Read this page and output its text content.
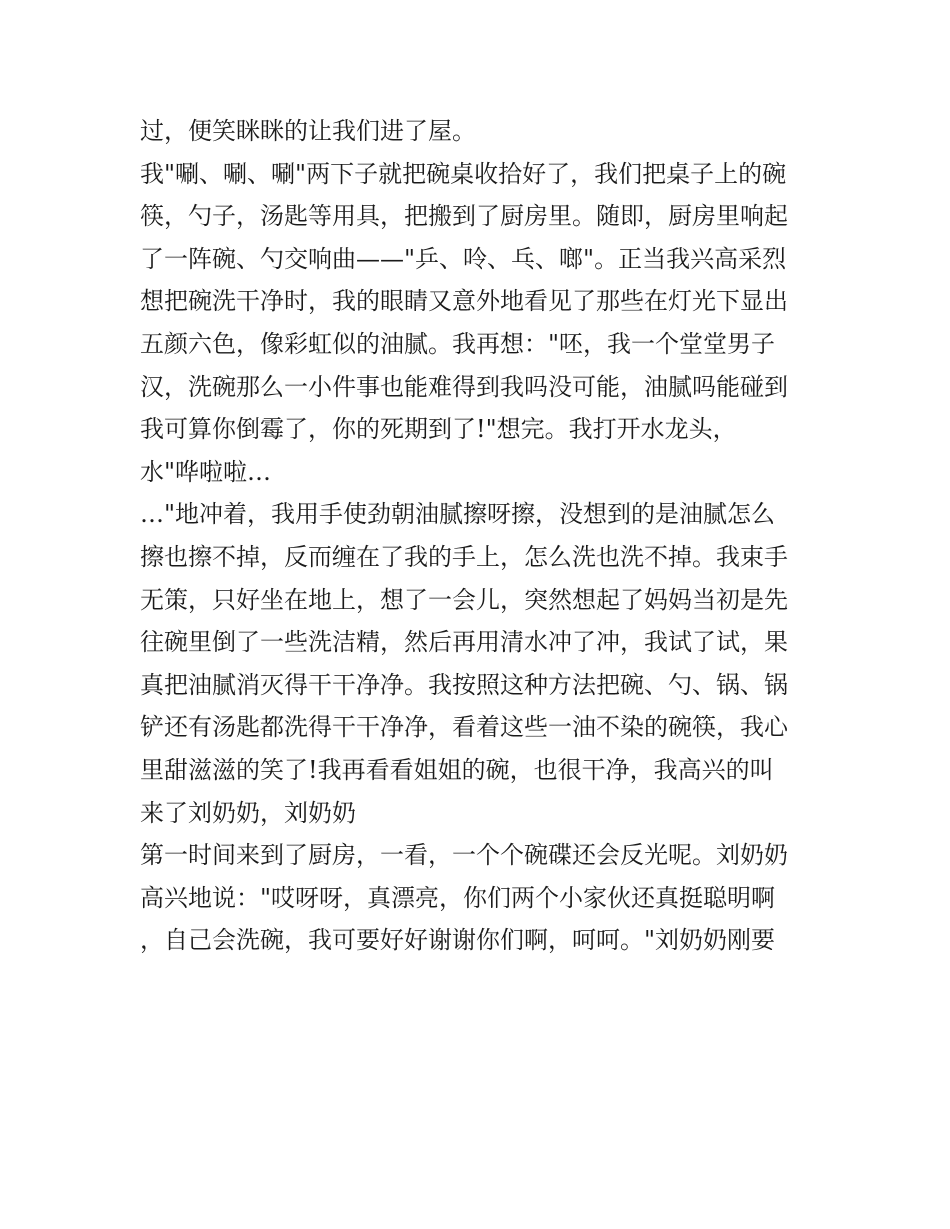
过，便笑眯眯的让我们进了屋。
我"唰、唰、唰"两下子就把碗桌收拾好了，我们把桌子上的碗
筷，勺子，汤匙等用具，把搬到了厨房里。随即，厨房里响起
了一阵碗、勺交响曲——"乒、呤、乓、啷"。正当我兴高采烈
想把碗洗干净时，我的眼睛又意外地看见了那些在灯光下显出
五颜六色，像彩虹似的油腻。我再想："呸，我一个堂堂男子
汉，洗碗那么一小件事也能难得到我吗没可能，油腻吗能碰到
我可算你倒霉了，你的死期到了!"想完。我打开水龙头，
水"哗啦啦…
…"地冲着，我用手使劲朝油腻擦呀擦，没想到的是油腻怎么
擦也擦不掉，反而缠在了我的手上，怎么洗也洗不掉。我束手
无策，只好坐在地上，想了一会儿，突然想起了妈妈当初是先
往碗里倒了一些洗洁精，然后再用清水冲了冲，我试了试，果
真把油腻消灭得干干净净。我按照这种方法把碗、勺、锅、锅
铲还有汤匙都洗得干干净净，看着这些一油不染的碗筷，我心
里甜滋滋的笑了!我再看看姐姐的碗，也很干净，我高兴的叫
来了刘奶奶，刘奶奶
第一时间来到了厨房，一看，一个个碗碟还会反光呢。刘奶奶
高兴地说："哎呀呀，真漂亮，你们两个小家伙还真挺聪明啊
，自己会洗碗，我可要好好谢谢你们啊，呵呵。"刘奶奶刚要
